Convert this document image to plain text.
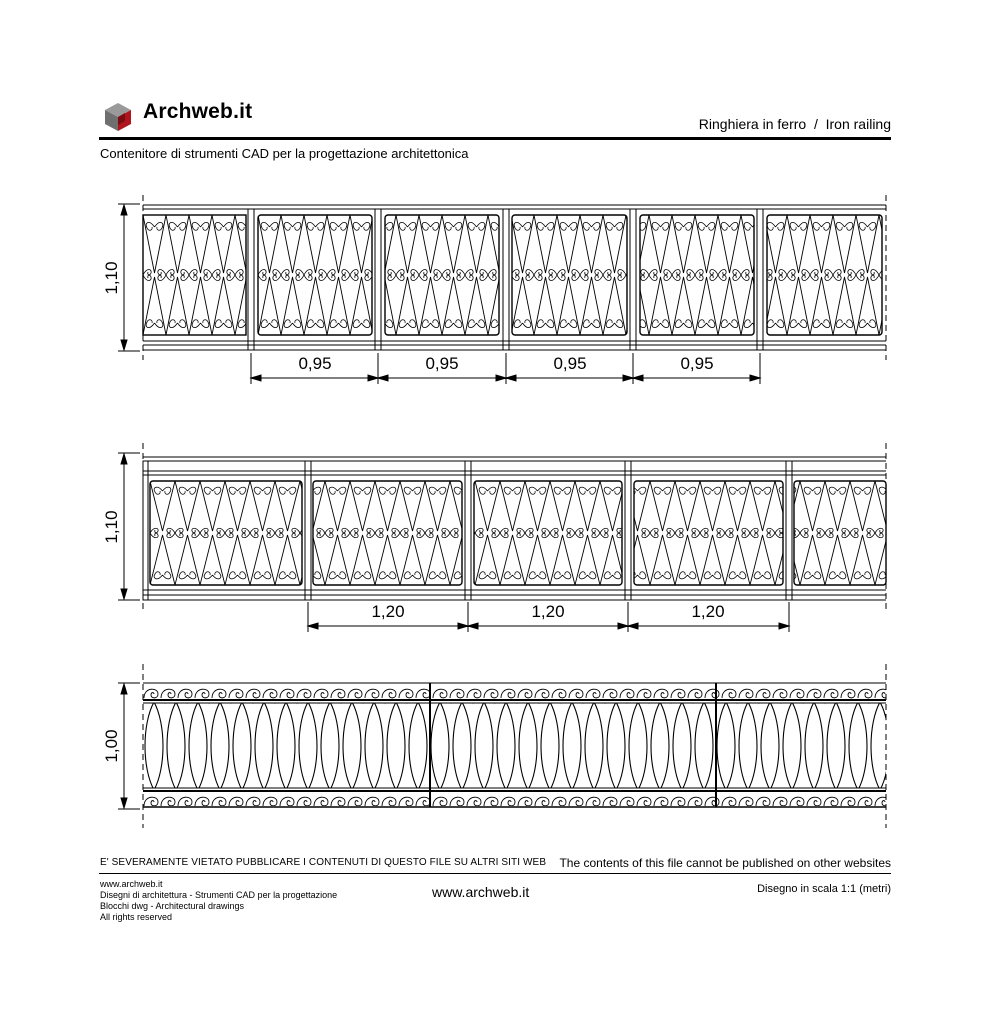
Archweb.it
Ringhiera in ferro  /  Iron railing
Contenitore di strumenti CAD per la progettazione architettonica
1,10
0,95	0,95	0,95	0,95
1,10
1,20	1,20	1,20
1,00
E' SEVERAMENTE VIETATO PUBBLICARE I CONTENUTI DI QUESTO FILE SU ALTRI SITI WEB The contents of this file cannot be published on other websites
www.archweb.it
Disegni di architettura - Strumenti CAD per la progettazione
Blocchi dwg - Architectural drawings
All rights reserved
www.archweb.it	Disegno in scala 1:1 (metri)
